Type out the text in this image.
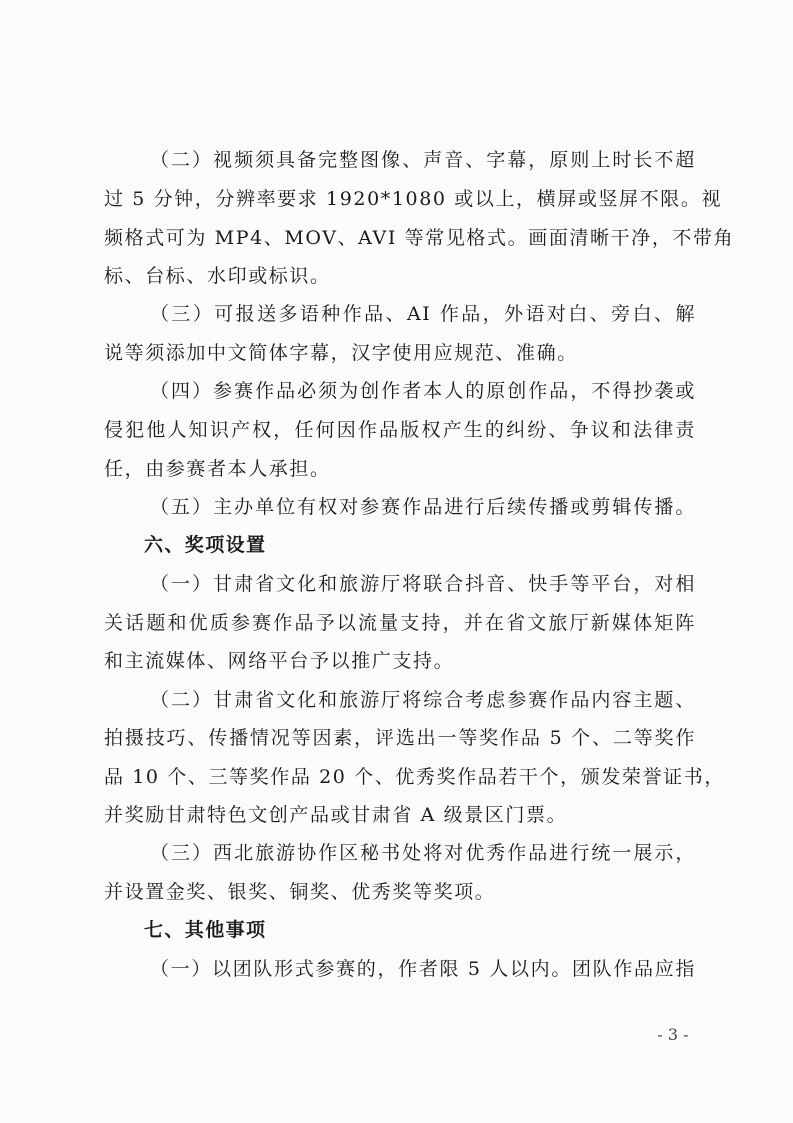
（二）视频须具备完整图像、声音、字幕，原则上时长不超
过 5 分钟，分辨率要求 1920*1080 或以上，横屏或竖屏不限。视
频格式可为 MP4、MOV、AVI 等常见格式。画面清晰干净，不带角
标、台标、水印或标识。
（三）可报送多语种作品、AI 作品，外语对白、旁白、解
说等须添加中文简体字幕，汉字使用应规范、准确。
（四）参赛作品必须为创作者本人的原创作品，不得抄袭或
侵犯他人知识产权，任何因作品版权产生的纠纷、争议和法律责
任，由参赛者本人承担。
（五）主办单位有权对参赛作品进行后续传播或剪辑传播。
六、奖项设置
（一）甘肃省文化和旅游厅将联合抖音、快手等平台，对相
关话题和优质参赛作品予以流量支持，并在省文旅厅新媒体矩阵
和主流媒体、网络平台予以推广支持。
（二）甘肃省文化和旅游厅将综合考虑参赛作品内容主题、
拍摄技巧、传播情况等因素，评选出一等奖作品 5 个、二等奖作
品 10 个、三等奖作品 20 个、优秀奖作品若干个，颁发荣誉证书，
并奖励甘肃特色文创产品或甘肃省 A 级景区门票。
（三）西北旅游协作区秘书处将对优秀作品进行统一展示，
并设置金奖、银奖、铜奖、优秀奖等奖项。
七、其他事项
（一）以团队形式参赛的，作者限 5 人以内。团队作品应指
- 3 -
